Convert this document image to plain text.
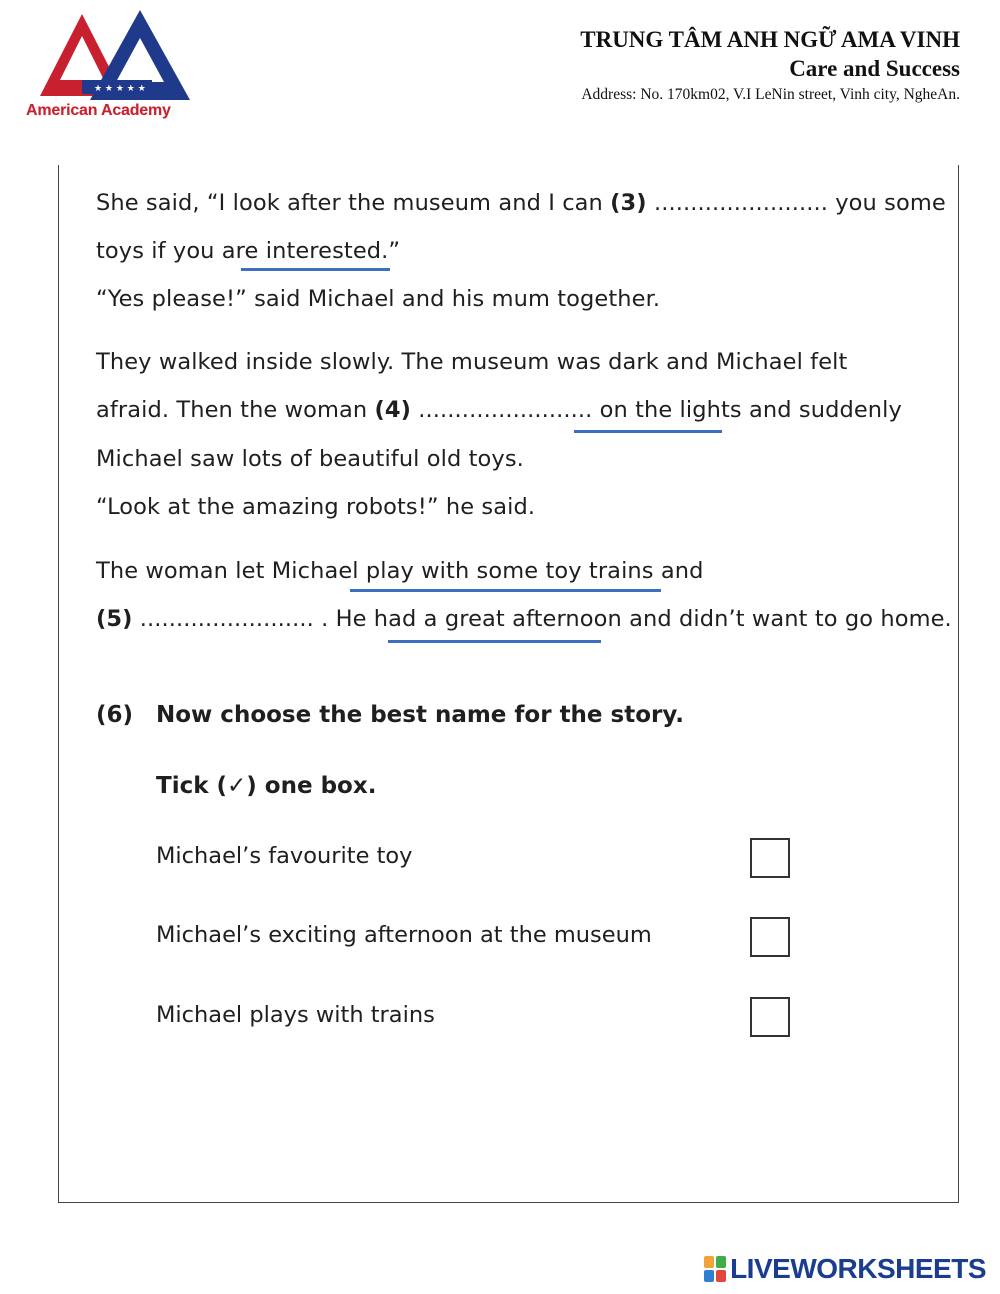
★ ★ ★ ★ ★
American Academy
TRUNG TÂM ANH NGỮ AMA VINH
Care and Success
Address: No. 170km02, V.I LeNin street, Vinh city, NgheAn.
She said, “I look after the museum and I can (3) ........................ you some
toys if you are interested.”
“Yes please!” said Michael and his mum together.
They walked inside slowly. The museum was dark and Michael felt
afraid. Then the woman (4) ........................ on the lights and suddenly
Michael saw lots of beautiful old toys.
“Look at the amazing robots!” he said.
The woman let Michael play with some toy trains and
(5) ........................ . He had a great afternoon and didn’t want to go home.
(6) Now choose the best name for the story.
Tick (✓) one box.
Michael’s favourite toy
Michael’s exciting afternoon at the museum
Michael plays with trains
LIVEWORKSHEETS
